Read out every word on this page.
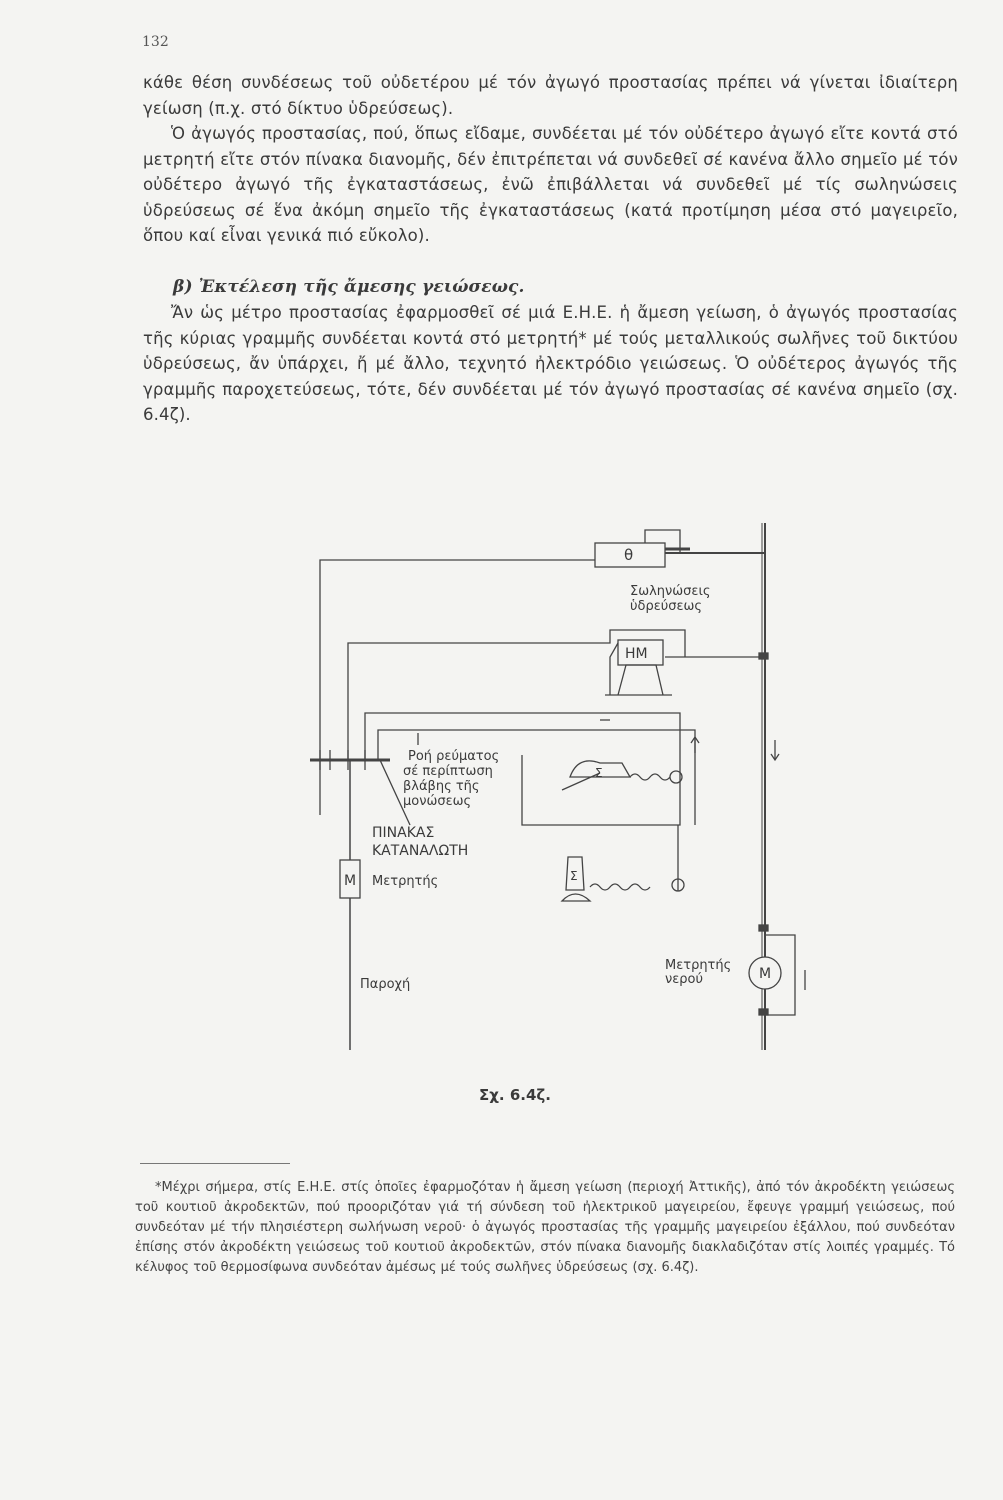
132

κάθε θέση συνδέσεως τοῦ οὐδετέρου μέ τόν ἀγωγό προστασίας πρέπει νά γίνεται ἰδιαίτερη γείωση (π.χ. στό δίκτυο ὑδρεύσεως).

Ὁ ἀγωγός προστασίας, πού, ὅπως εἴδαμε, συνδέεται μέ τόν οὐδέτερο ἀγωγό εἴτε κοντά στό μετρητή εἴτε στόν πίνακα διανομῆς, δέν ἐπιτρέπεται νά συνδεθεῖ σέ κανένα ἄλλο σημεῖο μέ τόν οὐδέτερο ἀγωγό τῆς ἐγκαταστάσεως, ἐνῶ ἐπιβάλλεται νά συνδεθεῖ μέ τίς σωληνώσεις ὑδρεύσεως σέ ἕνα ἀκόμη σημεῖο τῆς ἐγκαταστάσεως (κατά προτίμηση μέσα στό μαγειρεῖο, ὅπου καί εἶναι γενικά πιό εὔκολο).

β) Ἐκτέλεση τῆς ἄμεσης γειώσεως.

Ἄν ὡς μέτρο προστασίας ἐφαρμοσθεῖ σέ μιά Ε.Η.Ε. ἡ ἄμεση γείωση, ὁ ἀγωγός προστασίας τῆς κύριας γραμμῆς συνδέεται κοντά στό μετρητή* μέ τούς μεταλλικούς σωλῆνες τοῦ δικτύου ὑδρεύσεως, ἄν ὑπάρχει, ἤ μέ ἄλλο, τεχνητό ἠλεκτρόδιο γειώσεως. Ὁ οὐδέτερος ἀγωγός τῆς γραμμῆς παροχετεύσεως, τότε, δέν συνδέεται μέ τόν ἀγωγό προστασίας σέ κανένα σημεῖο (σχ. 6.4ζ).

θ
Σωληνώσεις
ὑδρεύσεως
ΗΜ
Ροή ρεύματος
σέ περίπτωση
βλάβης τῆς
μονώσεως
ΠΙΝΑΚΑΣ
ΚΑΤΑΝΑΛΩΤΗ
Μ Μετρητής
Σ
Σ
Παροχή
Μετρητής
νερού	Μ
Σχ. 6.4ζ.
*Μέχρι σήμερα, στίς Ε.Η.Ε. στίς ὁποῖες ἐφαρμοζόταν ἡ ἄμεση γείωση (περιοχή Ἀττικῆς), ἀπό τόν ἀκροδέκτη γειώσεως τοῦ κουτιοῦ ἀκροδεκτῶν, πού προοριζόταν γιά τή σύνδεση τοῦ ἠλεκτρικοῦ μαγειρείου, ἔφευγε γραμμή γειώσεως, πού συνδεόταν μέ τήν πλησιέστερη σωλήνωση νεροῦ· ὁ ἀγωγός προστασίας τῆς γραμμῆς μαγειρείου ἐξάλλου, πού συνδεόταν ἐπίσης στόν ἀκροδέκτη γειώσεως τοῦ κουτιοῦ ἀκροδεκτῶν, στόν πίνακα διανομῆς διακλαδιζόταν στίς λοιπές γραμμές. Τό κέλυφος τοῦ θερμοσίφωνα συνδεόταν ἀμέσως μέ τούς σωλῆνες ὑδρεύσεως (σχ. 6.4ζ).
